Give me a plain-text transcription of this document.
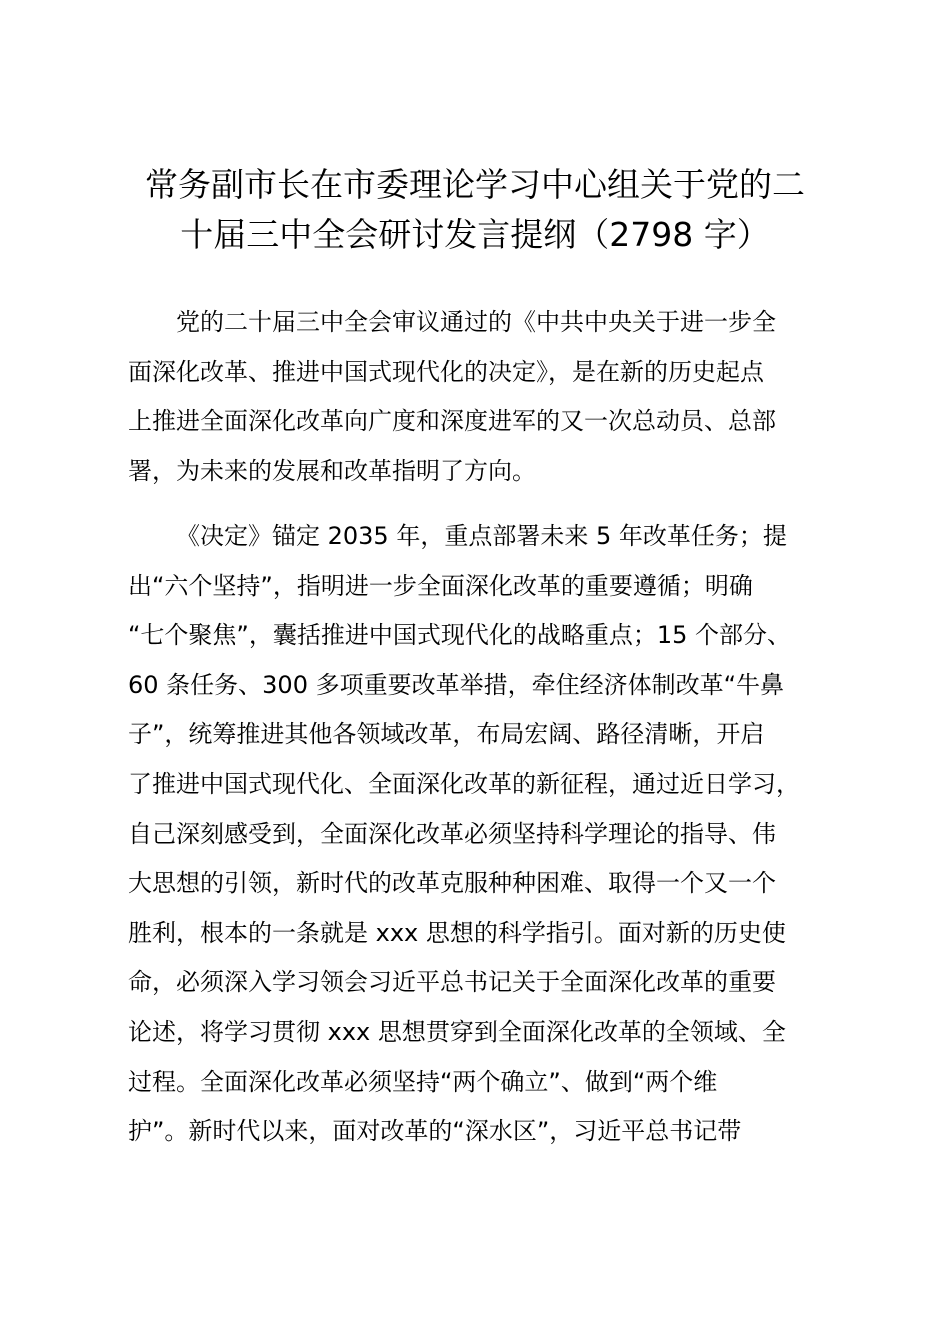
常务副市长在市委理论学习中心组关于党的二
十届三中全会研讨发言提纲（2798 字）
党的二十届三中全会审议通过的《中共中央关于进一步全
面深化改革、推进中国式现代化的决定》，是在新的历史起点
上推进全面深化改革向广度和深度进军的又一次总动员、总部
署，为未来的发展和改革指明了方向。
《决定》锚定 2035 年，重点部署未来 5 年改革任务；提
出“六个坚持”，指明进一步全面深化改革的重要遵循；明确
“七个聚焦”，囊括推进中国式现代化的战略重点；15 个部分、
60 条任务、300 多项重要改革举措，牵住经济体制改革“牛鼻
子”，统筹推进其他各领域改革，布局宏阔、路径清晰，开启
了推进中国式现代化、全面深化改革的新征程，通过近日学习，
自己深刻感受到，全面深化改革必须坚持科学理论的指导、伟
大思想的引领，新时代的改革克服种种困难、取得一个又一个
胜利，根本的一条就是 xxx 思想的科学指引。面对新的历史使
命，必须深入学习领会习近平总书记关于全面深化改革的重要
论述，将学习贯彻 xxx 思想贯穿到全面深化改革的全领域、全
过程。全面深化改革必须坚持“两个确立”、做到“两个维
护”。新时代以来，面对改革的“深水区”，习近平总书记带
